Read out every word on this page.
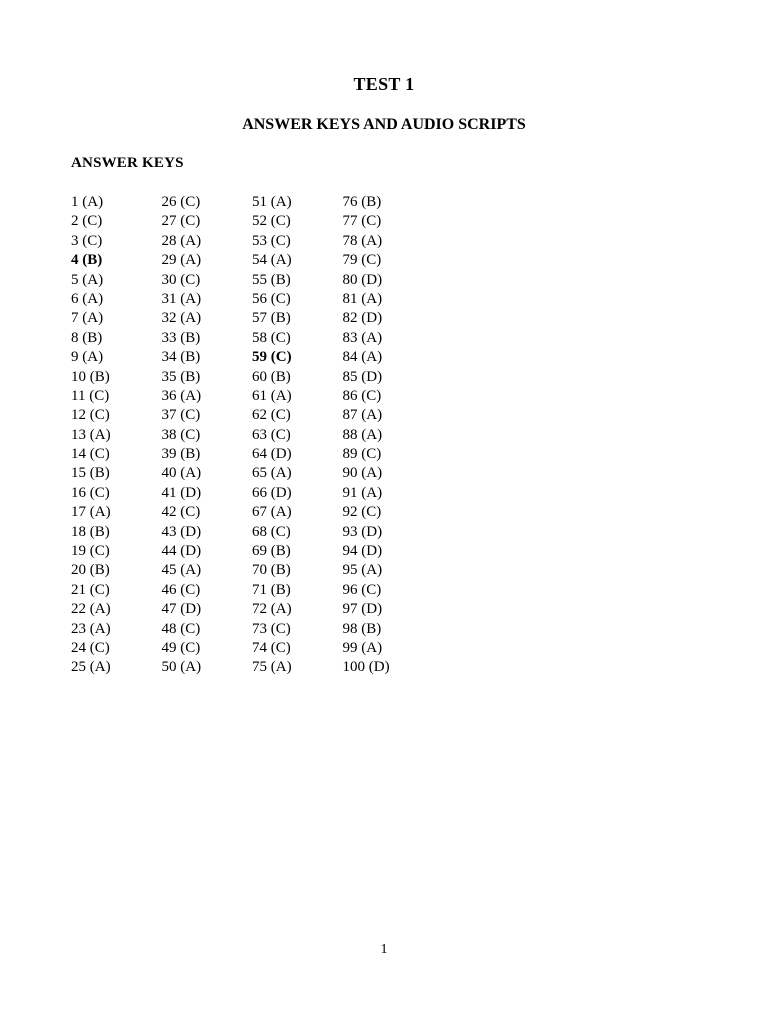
TEST 1
ANSWER KEYS AND AUDIO SCRIPTS
ANSWER KEYS
1 (A)	26 (C)	51 (A)	76 (B)
2 (C)	27 (C)	52 (C)	77 (C)
3 (C)	28 (A)	53 (C)	78 (A)
4 (B)	29 (A)	54 (A)	79 (C)
5 (A)	30 (C)	55 (B)	80 (D)
6 (A)	31 (A)	56 (C)	81 (A)
7 (A)	32 (A)	57 (B)	82 (D)
8 (B)	33 (B)	58 (C)	83 (A)
9 (A)	34 (B)	59 (C)	84 (A)
10 (B)	35 (B)	60 (B)	85 (D)
11 (C)	36 (A)	61 (A)	86 (C)
12 (C)	37 (C)	62 (C)	87 (A)
13 (A)	38 (C)	63 (C)	88 (A)
14 (C)	39 (B)	64 (D)	89 (C)
15 (B)	40 (A)	65 (A)	90 (A)
16 (C)	41 (D)	66 (D)	91 (A)
17 (A)	42 (C)	67 (A)	92 (C)
18 (B)	43 (D)	68 (C)	93 (D)
19 (C)	44 (D)	69 (B)	94 (D)
20 (B)	45 (A)	70 (B)	95 (A)
21 (C)	46 (C)	71 (B)	96 (C)
22 (A)	47 (D)	72 (A)	97 (D)
23 (A)	48 (C)	73 (C)	98 (B)
24 (C)	49 (C)	74 (C)	99 (A)
25 (A)	50 (A)	75 (A)	100 (D)
1
